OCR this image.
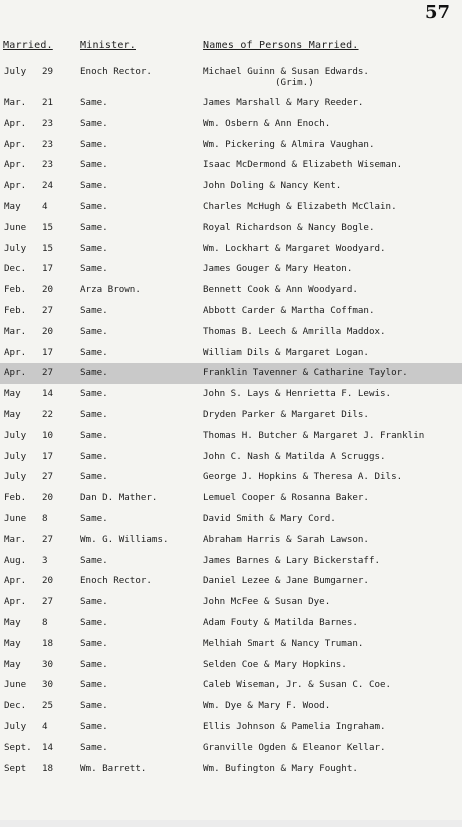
57
Married.	Minister.	Names of Persons Married.
July	29	Enoch Rector.	Michael Guinn & Susan Edwards.
(Grim.)
Mar.	21	Same.	James Marshall & Mary Reeder.
Apr.	23	Same.	Wm. Osbern & Ann Enoch.
Apr.	23	Same.	Wm. Pickering & Almira Vaughan.
Apr.	23	Same.	Isaac McDermond & Elizabeth Wiseman.
Apr.	24	Same.	John Doling & Nancy Kent.
May	4	Same.	Charles McHugh & Elizabeth McClain.
June	15	Same.	Royal Richardson & Nancy Bogle.
July	15	Same.	Wm. Lockhart & Margaret Woodyard.
Dec.	17	Same.	James Gouger & Mary Heaton.
Feb.	20	Arza Brown.	Bennett Cook & Ann Woodyard.
Feb.	27	Same.	Abbott Carder & Martha Coffman.
Mar.	20	Same.	Thomas B. Leech & Amrilla Maddox.
Apr.	17	Same.	William Dils & Margaret Logan.
Apr.	27	Same.	Franklin Tavenner & Catharine Taylor.
May	14	Same.	John S. Lays & Henrietta F. Lewis.
May	22	Same.	Dryden Parker & Margaret Dils.
July	10	Same.	Thomas H. Butcher & Margaret J. Franklin
July	17	Same.	John C. Nash & Matilda A Scruggs.
July	27	Same.	George J. Hopkins & Theresa A. Dils.
Feb.	20	Dan D. Mather.	Lemuel Cooper & Rosanna Baker.
June	8	Same.	David Smith & Mary Cord.
Mar.	27	Wm. G. Williams.	Abraham Harris & Sarah Lawson.
Aug.	3	Same.	James Barnes & Lary Bickerstaff.
Apr.	20	Enoch Rector.	Daniel Lezee & Jane Bumgarner.
Apr.	27	Same.	John McFee & Susan Dye.
May	8	Same.	Adam Fouty & Matilda Barnes.
May	18	Same.	Melhiah Smart & Nancy Truman.
May	30	Same.	Selden Coe & Mary Hopkins.
June	30	Same.	Caleb Wiseman, Jr. & Susan C. Coe.
Dec.	25	Same.	Wm. Dye & Mary F. Wood.
July	4	Same.	Ellis Johnson & Pamelia Ingraham.
Sept.	14	Same.	Granville Ogden & Eleanor Kellar.
Sept	18	Wm. Barrett.	Wm. Bufington & Mary Fought.
